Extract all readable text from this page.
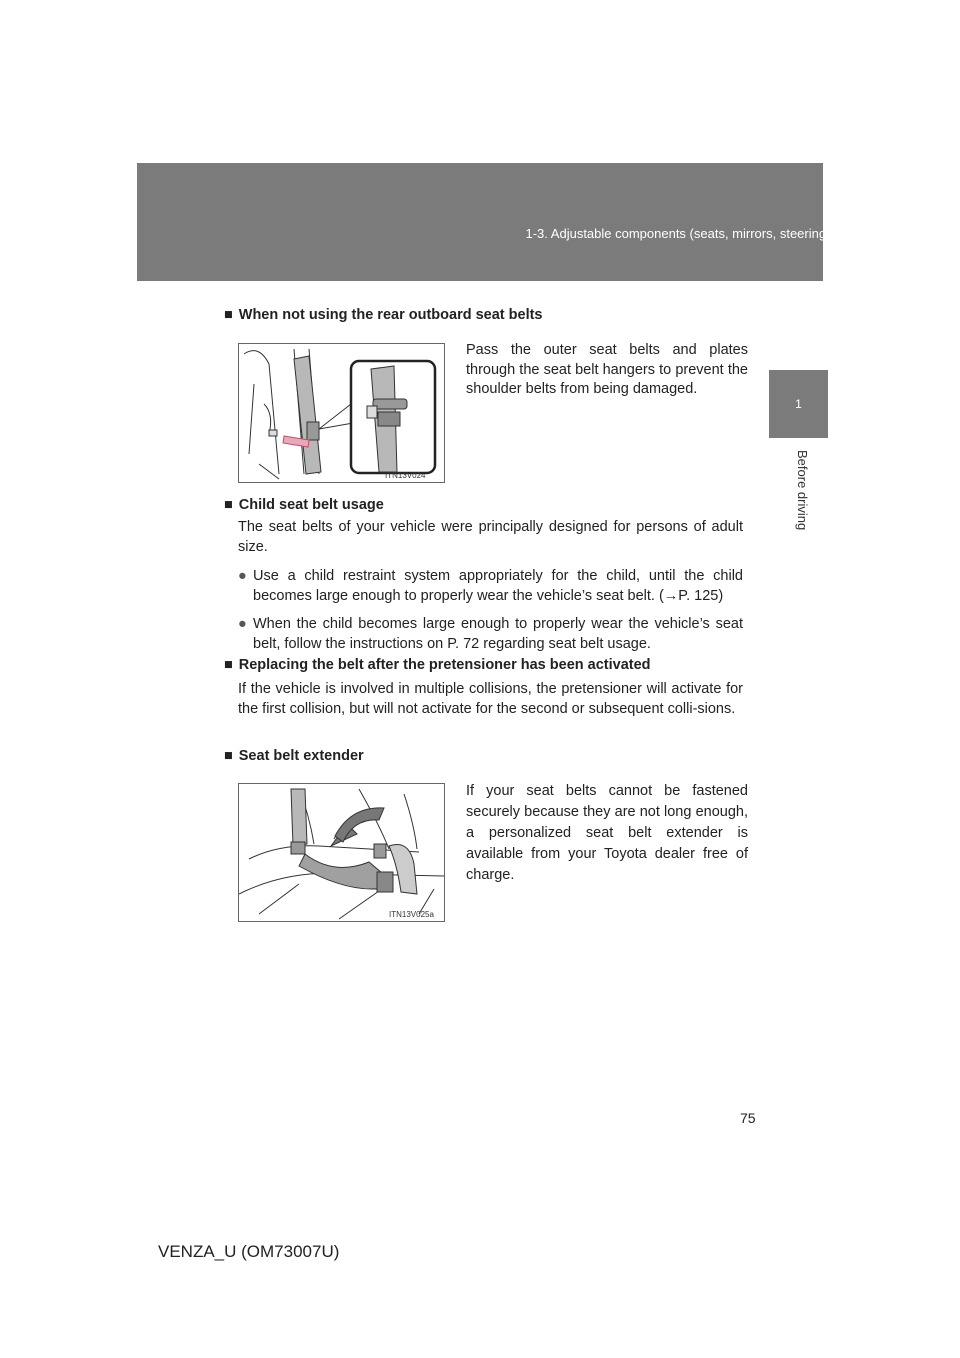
1-3. Adjustable components (seats, mirrors, steering wheel)
1
Before driving
■ When not using the rear outboard seat belts
ITN13V024
Pass the outer seat belts and plates through the seat belt hangers to prevent the shoulder belts from being damaged.
■ Child seat belt usage
The seat belts of your vehicle were principally designed for persons of adult size.
● Use a child restraint system appropriately for the child, until the child becomes large enough to properly wear the vehicle’s seat belt. (→P. 125)
● When the child becomes large enough to properly wear the vehicle’s seat belt, follow the instructions on P. 72 regarding seat belt usage.
■ Replacing the belt after the pretensioner has been activated
If the vehicle is involved in multiple collisions, the pretensioner will activate for the first collision, but will not activate for the second or subsequent colli-sions.
■ Seat belt extender
ITN13V025a
If your seat belts cannot be fastened securely because they are not long enough, a personalized seat belt extender is available from your Toyota dealer free of charge.
75
VENZA_U (OM73007U)
